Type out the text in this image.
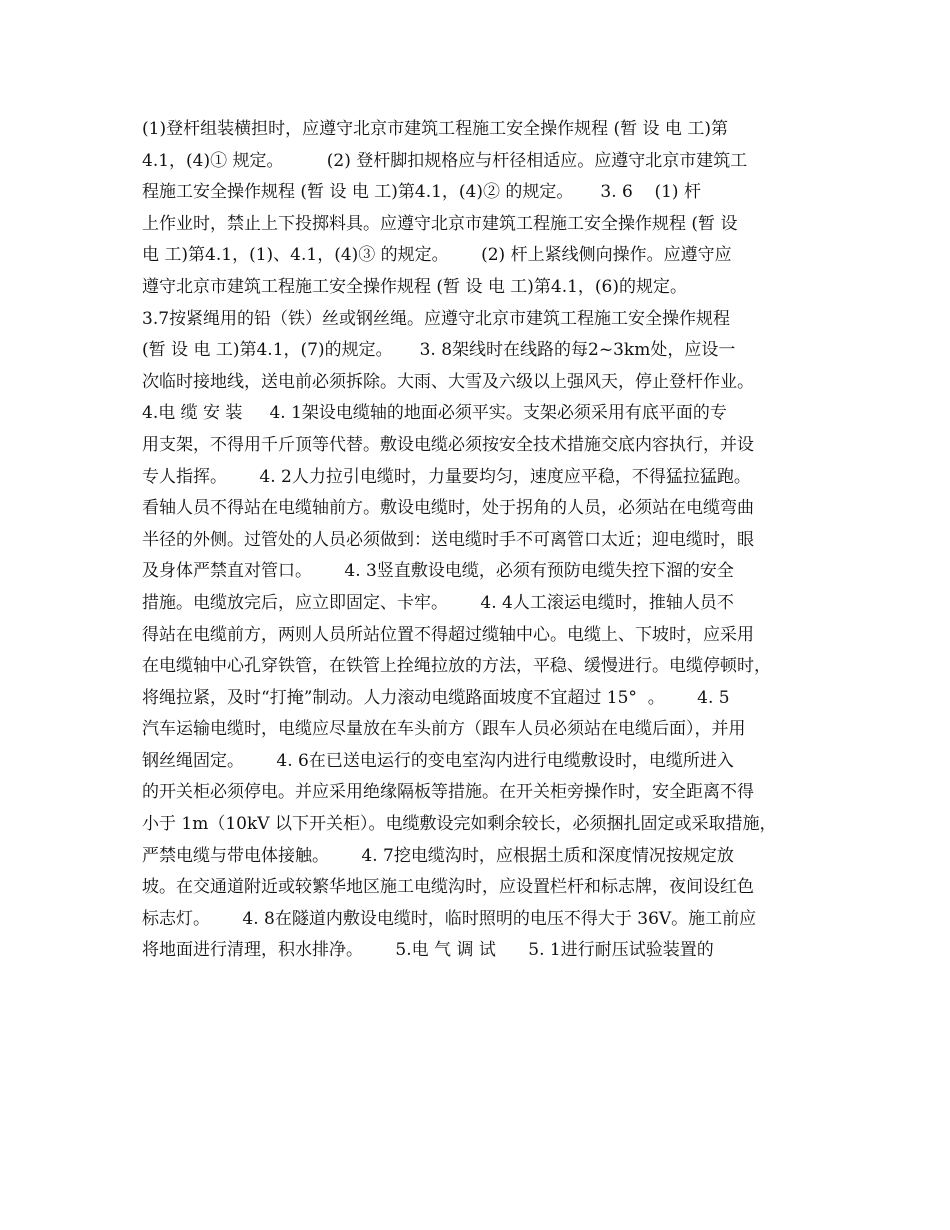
(1)登杆组装横担时，应遵守北京市建筑工程施工安全操作规程 (暂 设 电 工)第
4.1，(4)① 规定。        (2) 登杆脚扣规格应与杆径相适应。应遵守北京市建筑工
程施工安全操作规程 (暂 设 电 工)第4.1，(4)② 的规定。     3. 6    (1) 杆
上作业时，禁止上下投掷料具。应遵守北京市建筑工程施工安全操作规程 (暂 设
电 工)第4.1，(1)、4.1，(4)③ 的规定。      (2) 杆上紧线侧向操作。应遵守应
遵守北京市建筑工程施工安全操作规程 (暂 设 电 工)第4.1，(6)的规定。
3.7按紧绳用的铅（铁）丝或钢丝绳。应遵守北京市建筑工程施工安全操作规程
(暂 设 电 工)第4.1，(7)的规定。     3. 8架线时在线路的每2~3km处，应设一
次临时接地线，送电前必须拆除。大雨、大雪及六级以上强风天，停止登杆作业。
4.电 缆 安 装     4. 1架设电缆轴的地面必须平实。支架必须采用有底平面的专
用支架，不得用千斤顶等代替。敷设电缆必须按安全技术措施交底内容执行，并设
专人指挥。      4. 2人力拉引电缆时，力量要均匀，速度应平稳，不得猛拉猛跑。
看轴人员不得站在电缆轴前方。敷设电缆时，处于拐角的人员，必须站在电缆弯曲
半径的外侧。过管处的人员必须做到：送电缆时手不可离管口太近；迎电缆时，眼
及身体严禁直对管口。      4. 3竖直敷设电缆，必须有预防电缆失控下溜的安全
措施。电缆放完后，应立即固定、卡牢。      4. 4人工滚运电缆时，推轴人员不
得站在电缆前方，两则人员所站位置不得超过缆轴中心。电缆上、下坡时，应采用
在电缆轴中心孔穿铁管，在铁管上拴绳拉放的方法，平稳、缓慢进行。电缆停顿时，
将绳拉紧，及时“打掩”制动。人力滚动电缆路面坡度不宜超过 15°  。      4. 5
汽车运输电缆时，电缆应尽量放在车头前方（跟车人员必须站在电缆后面），并用
钢丝绳固定。      4. 6在已送电运行的变电室沟内进行电缆敷设时，电缆所进入
的开关柜必须停电。并应采用绝缘隔板等措施。在开关柜旁操作时，安全距离不得
小于 1m（10kV 以下开关柜）。电缆敷设完如剩余较长，必须捆扎固定或采取措施，
严禁电缆与带电体接触。      4. 7挖电缆沟时，应根据土质和深度情况按规定放
坡。在交通道附近或较繁华地区施工电缆沟时，应设置栏杆和标志牌，夜间设红色
标志灯。      4. 8在隧道内敷设电缆时，临时照明的电压不得大于 36V。施工前应
将地面进行清理，积水排净。      5.电 气 调 试      5. 1进行耐压试验装置的
